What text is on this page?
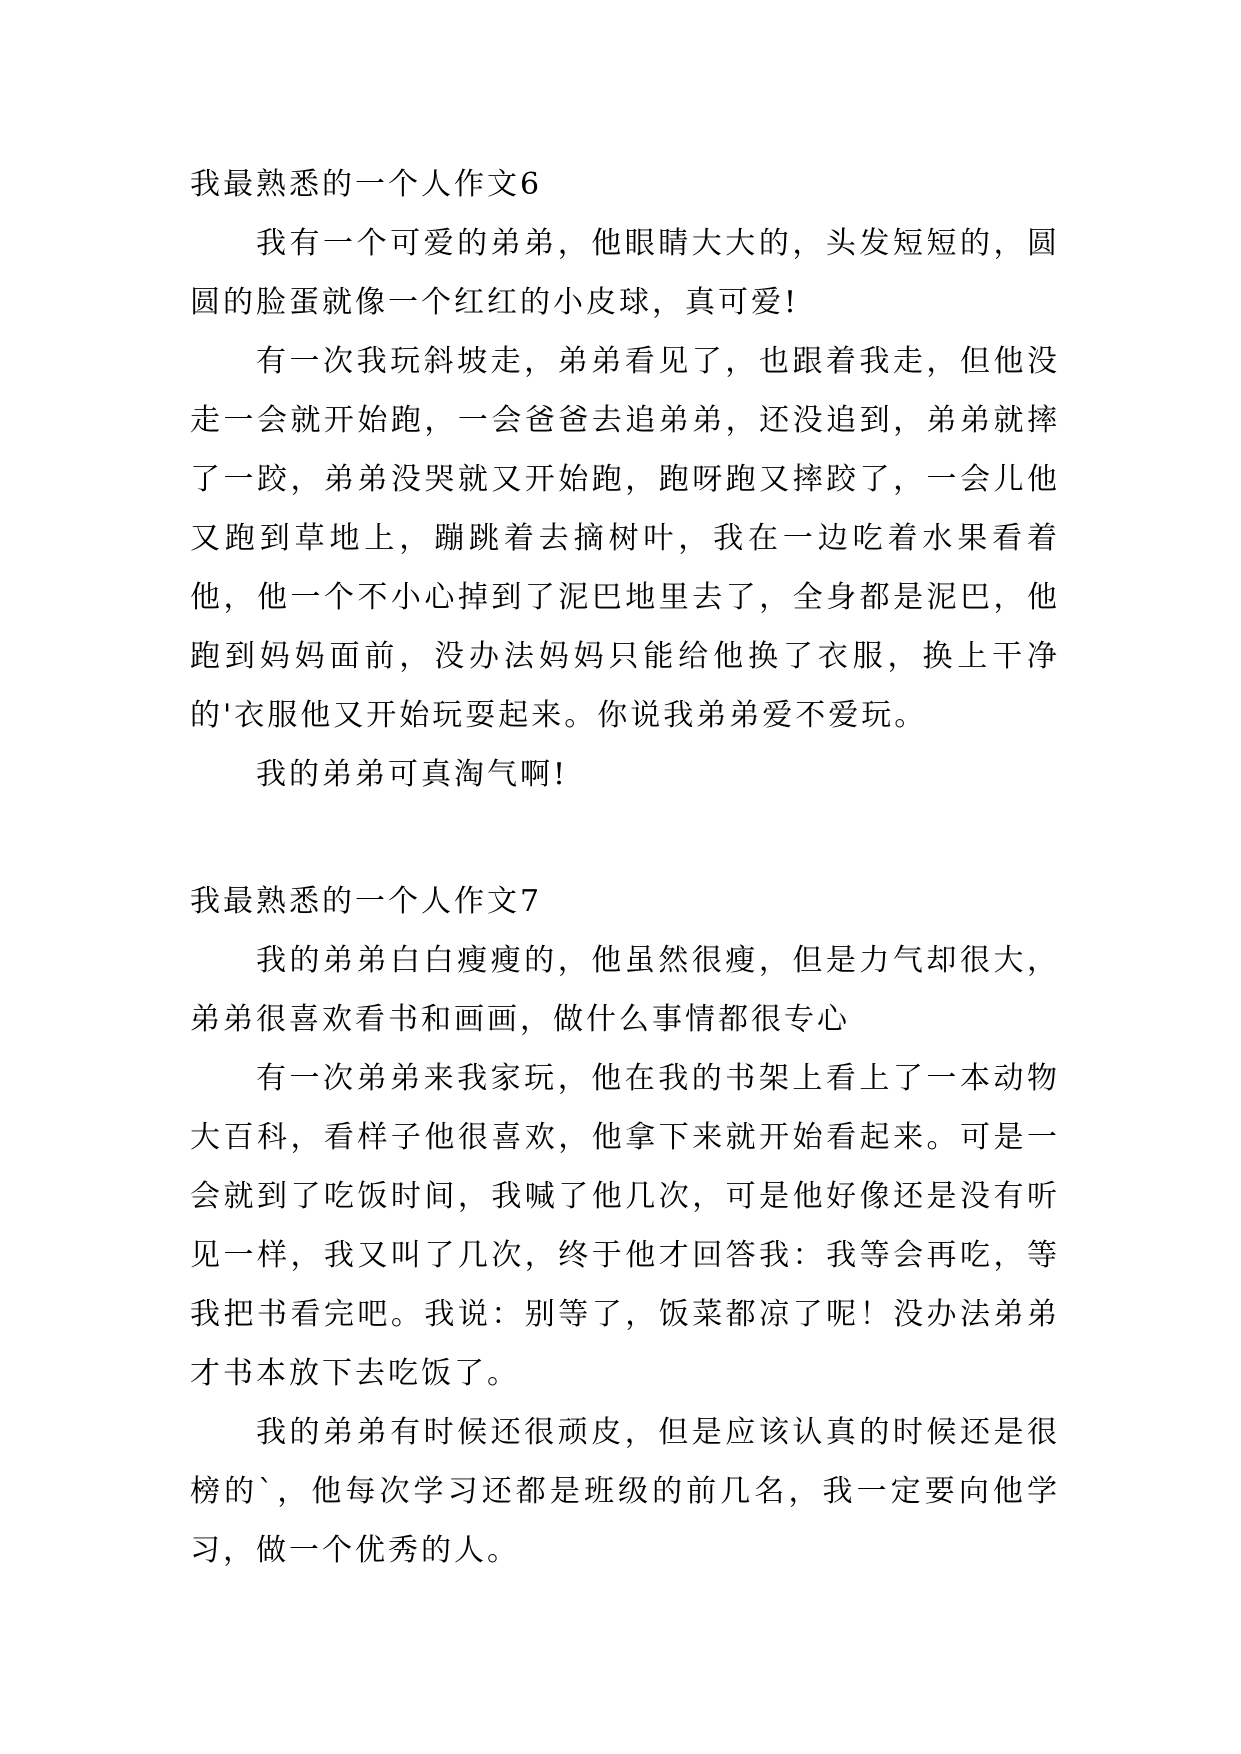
我最熟悉的一个人作文6

我有一个可爱的弟弟，他眼睛大大的，头发短短的，圆圆的脸蛋就像一个红红的小皮球，真可爱!

有一次我玩斜坡走，弟弟看见了，也跟着我走，但他没走一会就开始跑，一会爸爸去追弟弟，还没追到，弟弟就摔了一跤，弟弟没哭就又开始跑，跑呀跑又摔跤了，一会儿他又跑到草地上，蹦跳着去摘树叶，我在一边吃着水果看着他，他一个不小心掉到了泥巴地里去了，全身都是泥巴，他跑到妈妈面前，没办法妈妈只能给他换了衣服，换上干净的'衣服他又开始玩耍起来。你说我弟弟爱不爱玩。

我的弟弟可真淘气啊!

我最熟悉的一个人作文7

我的弟弟白白瘦瘦的，他虽然很瘦，但是力气却很大，弟弟很喜欢看书和画画，做什么事情都很专心

有一次弟弟来我家玩，他在我的书架上看上了一本动物大百科，看样子他很喜欢，他拿下来就开始看起来。可是一会就到了吃饭时间，我喊了他几次，可是他好像还是没有听见一样，我又叫了几次，终于他才回答我：我等会再吃，等我把书看完吧。我说：别等了，饭菜都凉了呢！没办法弟弟才书本放下去吃饭了。

我的弟弟有时候还很顽皮，但是应该认真的时候还是很榜的`，他每次学习还都是班级的前几名，我一定要向他学习，做一个优秀的人。
